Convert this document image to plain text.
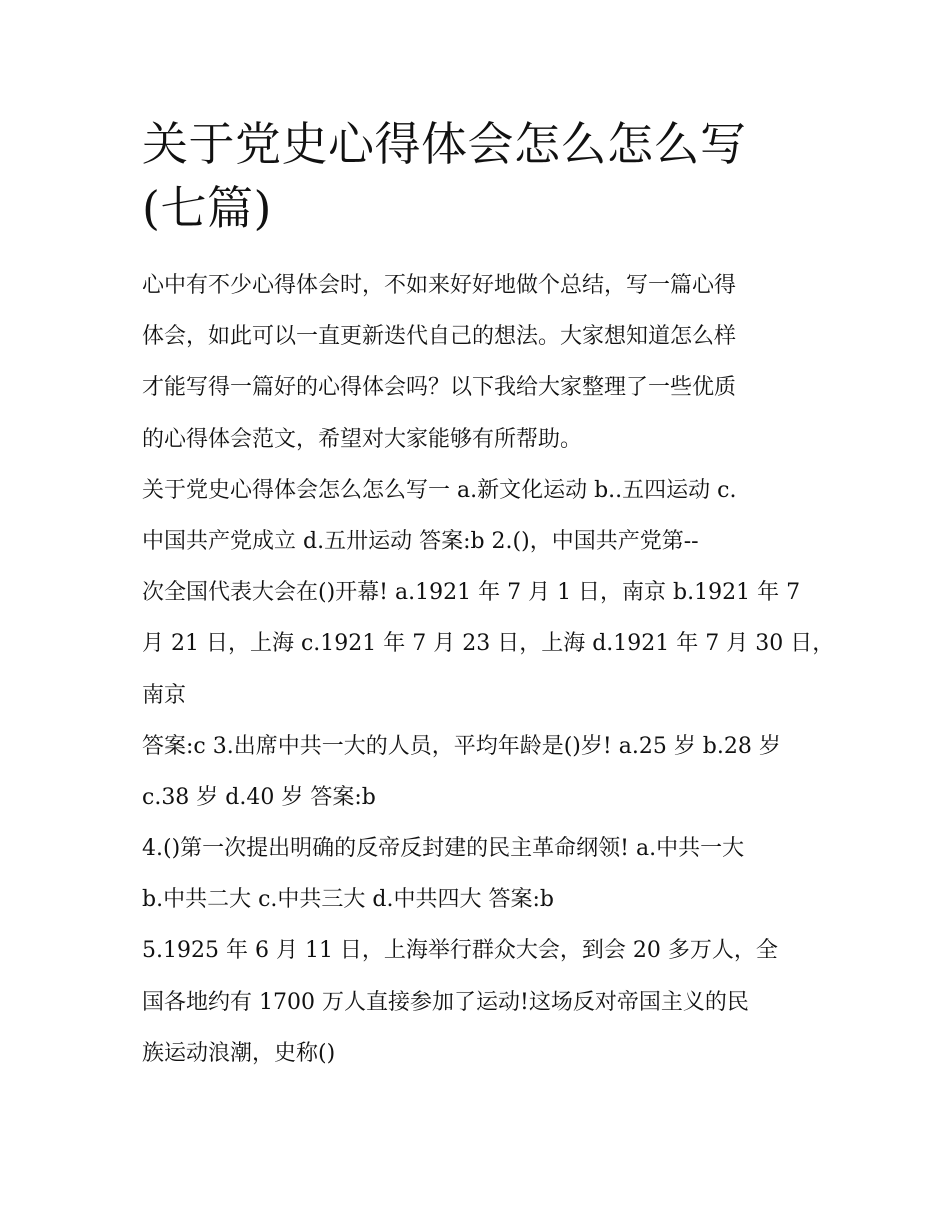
关于党史心得体会怎么怎么写
(七篇)
心中有不少心得体会时，不如来好好地做个总结，写一篇心得
体会，如此可以一直更新迭代自己的想法。大家想知道怎么样
才能写得一篇好的心得体会吗？以下我给大家整理了一些优质
的心得体会范文，希望对大家能够有所帮助。
关于党史心得体会怎么怎么写一 a.新文化运动 b..五四运动 c.
中国共产党成立 d.五卅运动 答案:b 2.()，中国共产党第--
次全国代表大会在()开幕! a.1921 年 7 月 1 日，南京 b.1921 年 7
月 21 日，上海 c.1921 年 7 月 23 日，上海 d.1921 年 7 月 30 日，
南京
答案:c 3.出席中共一大的人员，平均年龄是()岁! a.25 岁 b.28 岁
c.38 岁 d.40 岁 答案:b
4.()第一次提出明确的反帝反封建的民主革命纲领! a.中共一大
b.中共二大 c.中共三大 d.中共四大 答案:b
5.1925 年 6 月 11 日，上海举行群众大会，到会 20 多万人，全
国各地约有 1700 万人直接参加了运动!这场反对帝国主义的民
族运动浪潮，史称()
